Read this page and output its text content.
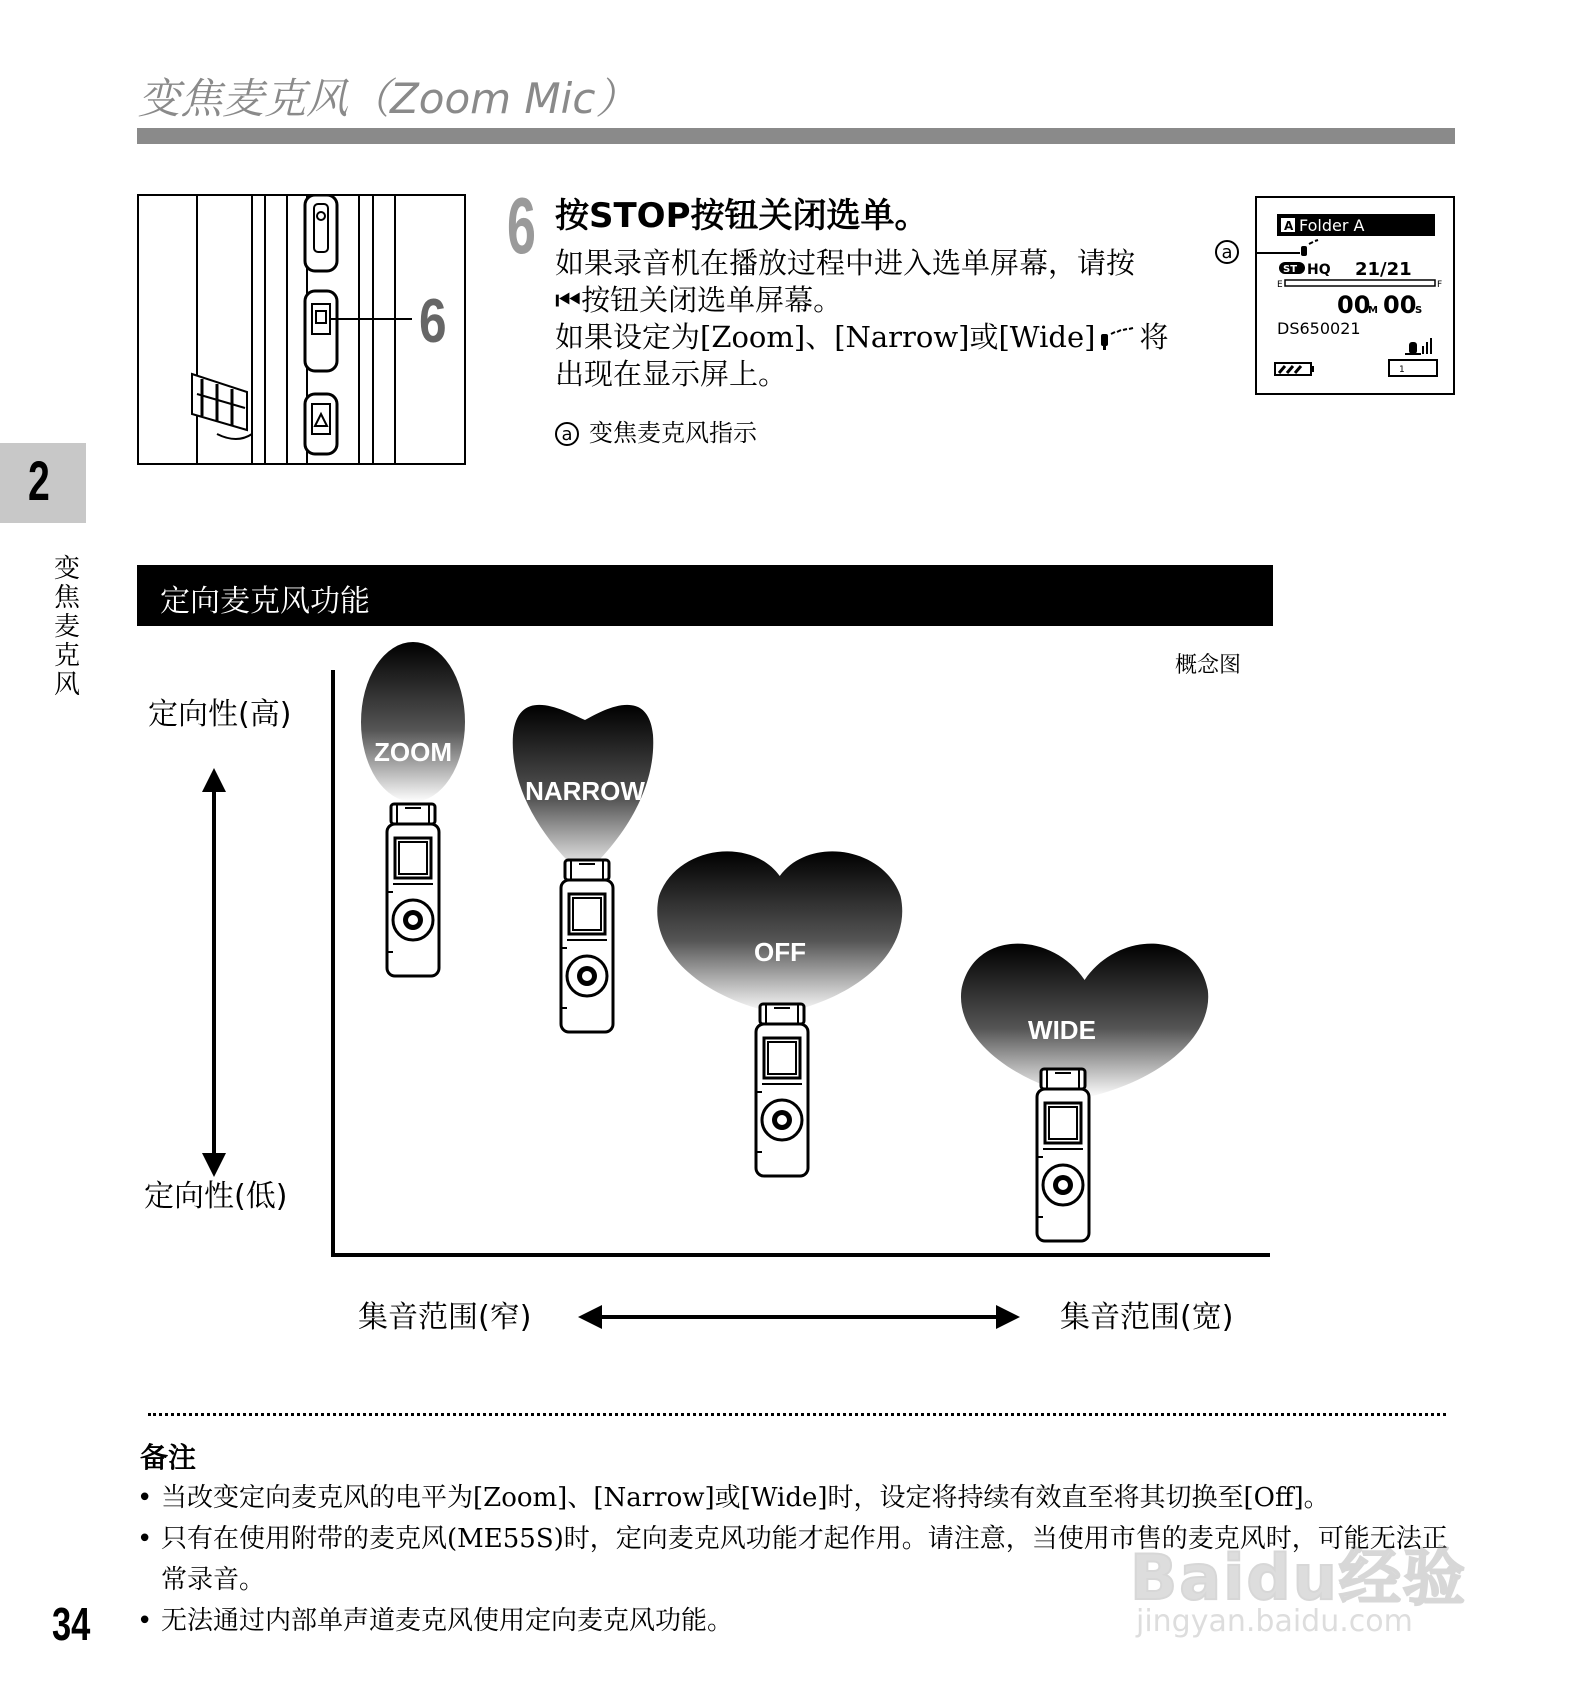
变焦麦克风（Zoom Mic）
6
6 按STOP按钮关闭选单。
如果录音机在播放过程中进入选单屏幕，请按
⏮按钮关闭选单屏幕。
如果设定为[Zoom]、[Narrow]或[Wide] 将
出现在显示屏上。
a 变焦麦克风指示
a
A Folder A
ST HQ 21/21
E	F
00
M 00
S
DS650021
1
2
变焦麦克风
定向麦克风功能
概念图
定向性(高)
定向性(低)
集音范围(窄)	集音范围(宽)
ZOOM
NARROW
OFF
WIDE
备注
• 当改变定向麦克风的电平为[Zoom]、[Narrow]或[Wide]时，设定将持续有效直至将其切换至[Off]。
• 只有在使用附带的麦克风(ME55S)时，定向麦克风功能才起作用。请注意，当使用市售的麦克风时，可能无法正常录音。
• 无法通过内部单声道麦克风使用定向麦克风功能。
34
Baidu经验
jingyan.baidu.com
